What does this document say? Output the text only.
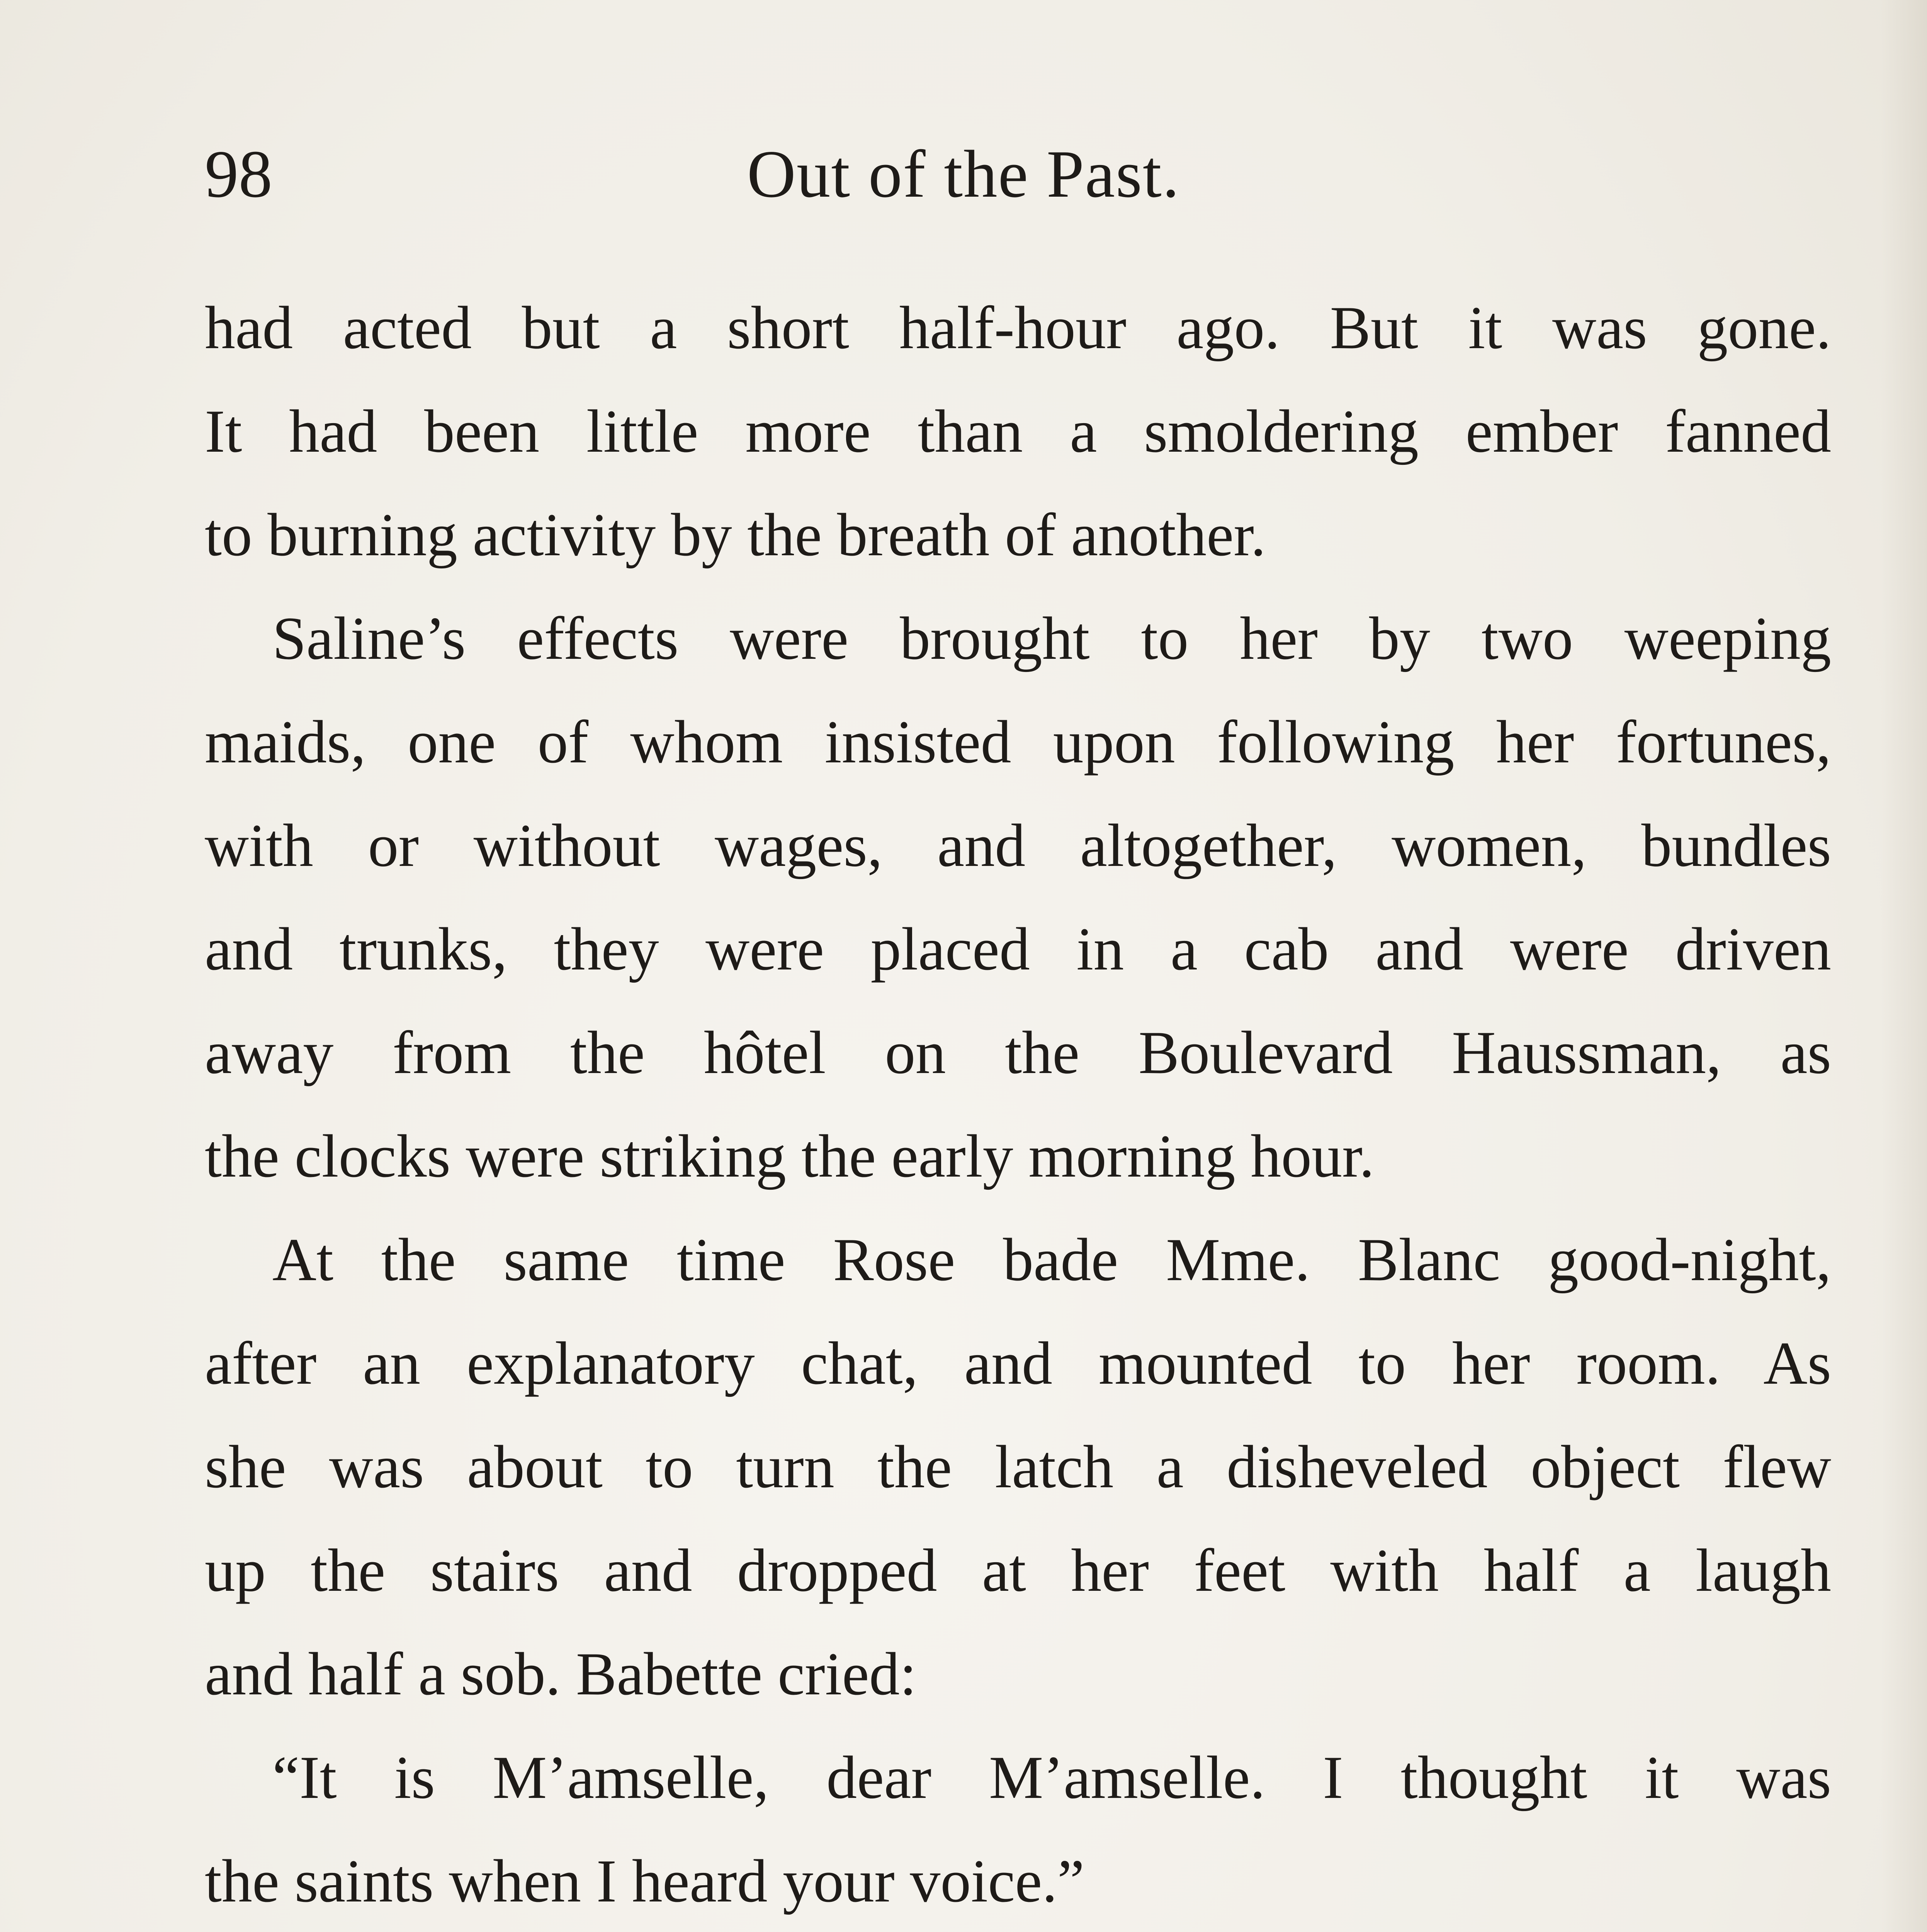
Out of the Past.
98
had acted but a short half-hour ago. But it was gone.
It had been little more than a smoldering ember fanned
to burning activity by the breath of another.
Saline’s effects were brought to her by two weeping
maids, one of whom insisted upon following her fortunes,
with or without wages, and altogether, women, bundles
and trunks, they were placed in a cab and were driven
away from the hôtel on the Boulevard Haussman, as
the clocks were striking the early morning hour.
At the same time Rose bade Mme. Blanc good-night,
after an explanatory chat, and mounted to her room. As
she was about to turn the latch a disheveled object flew
up the stairs and dropped at her feet with half a laugh
and half a sob. Babette cried:
“It is M’amselle, dear M’amselle. I thought it was
the saints when I heard your voice.”
